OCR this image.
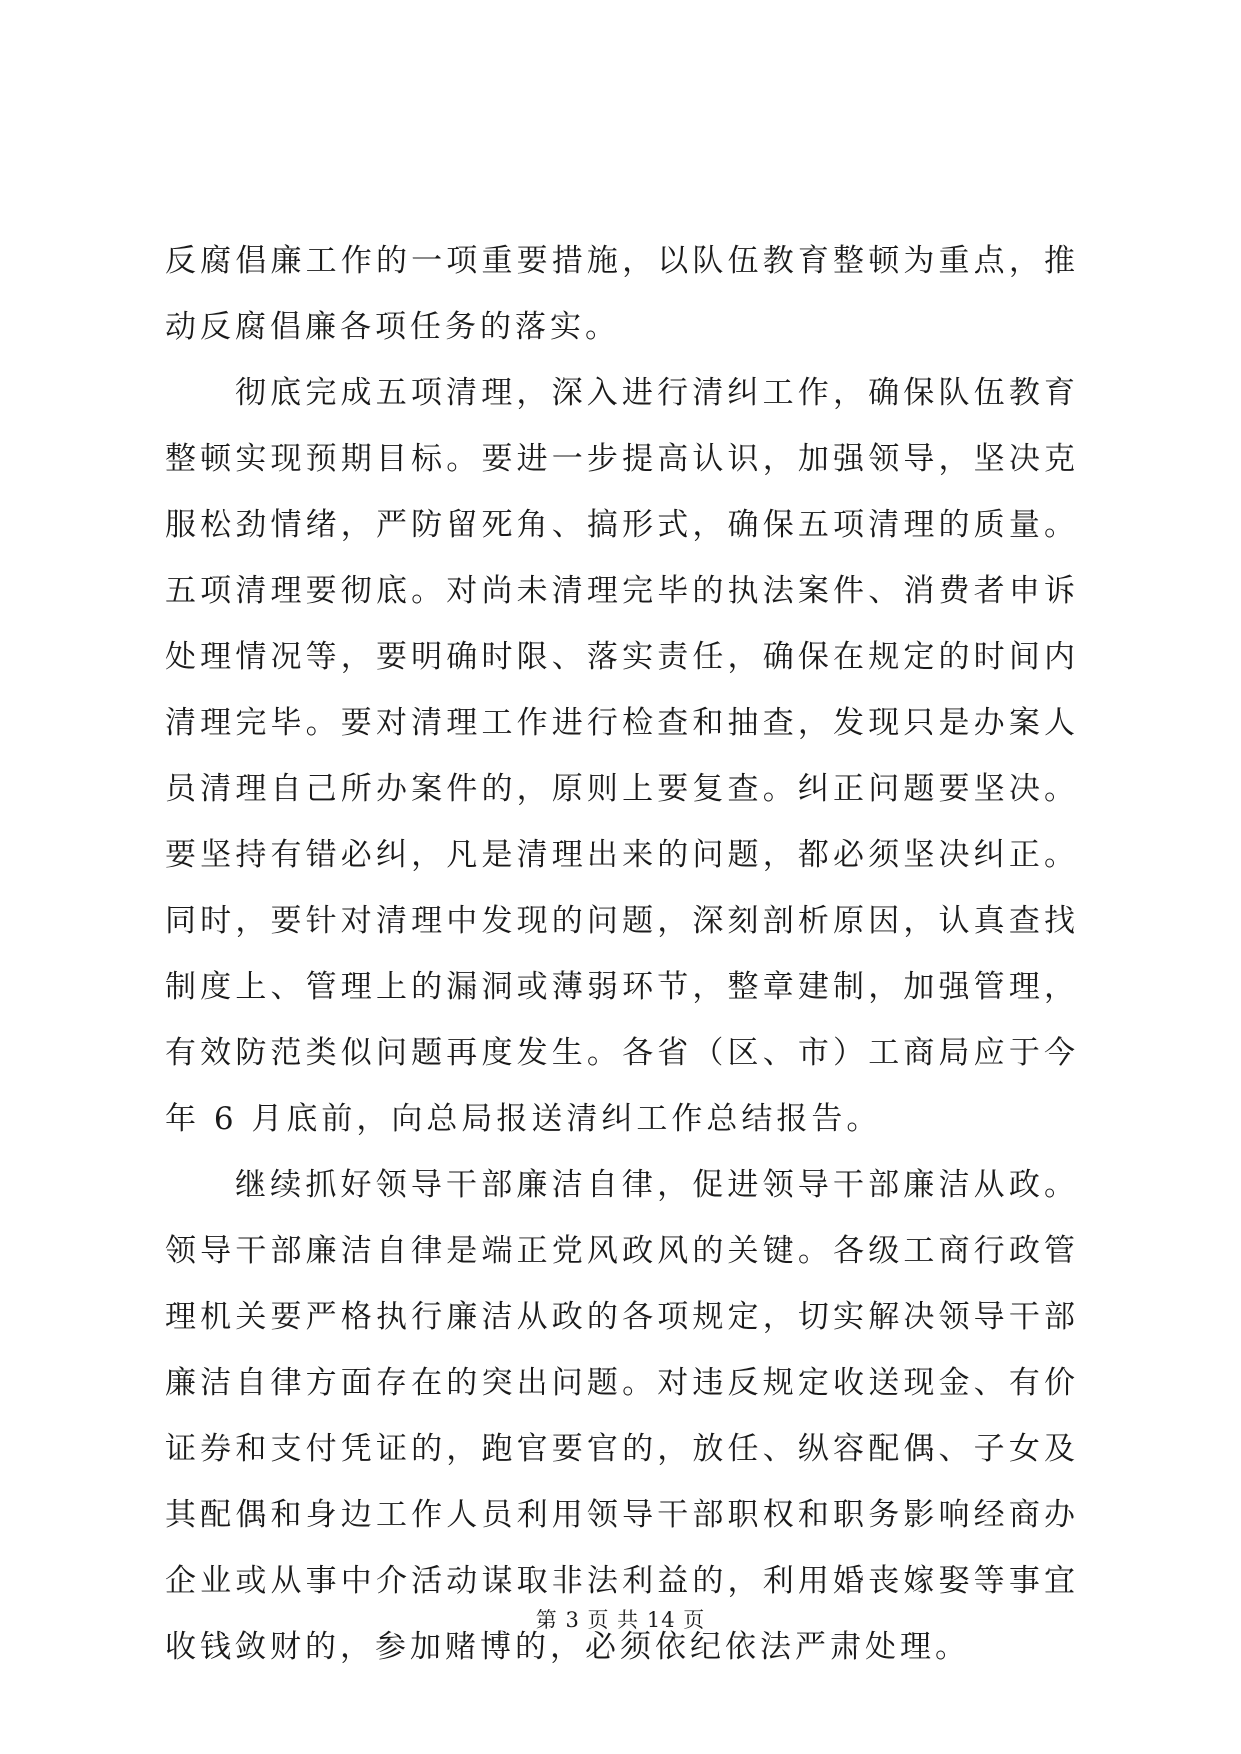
反腐倡廉工作的一项重要措施，以队伍教育整顿为重点，推动反腐倡廉各项任务的落实。

彻底完成五项清理，深入进行清纠工作，确保队伍教育整顿实现预期目标。要进一步提高认识，加强领导，坚决克服松劲情绪，严防留死角、搞形式，确保五项清理的质量。五项清理要彻底。对尚未清理完毕的执法案件、消费者申诉处理情况等，要明确时限、落实责任，确保在规定的时间内清理完毕。要对清理工作进行检查和抽查，发现只是办案人员清理自己所办案件的，原则上要复查。纠正问题要坚决。要坚持有错必纠，凡是清理出来的问题，都必须坚决纠正。同时，要针对清理中发现的问题，深刻剖析原因，认真查找制度上、管理上的漏洞或薄弱环节，整章建制，加强管理，有效防范类似问题再度发生。各省（区、市）工商局应于今年 6 月底前，向总局报送清纠工作总结报告。

继续抓好领导干部廉洁自律，促进领导干部廉洁从政。领导干部廉洁自律是端正党风政风的关键。各级工商行政管理机关要严格执行廉洁从政的各项规定，切实解决领导干部廉洁自律方面存在的突出问题。对违反规定收送现金、有价证券和支付凭证的，跑官要官的，放任、纵容配偶、子女及其配偶和身边工作人员利用领导干部职权和职务影响经商办企业或从事中介活动谋取非法利益的，利用婚丧嫁娶等事宜收钱敛财的，参加赌博的，必须依纪依法严肃处理。

第 3 页 共 14 页
